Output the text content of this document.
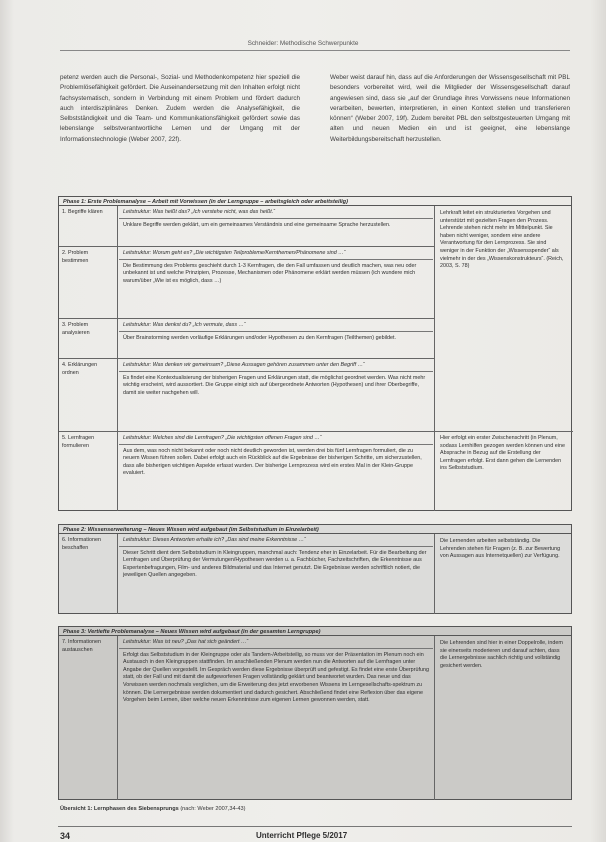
Schneider: Methodische Schwerpunkte

petenz werden auch die Personal-, Sozial- und Methodenkompetenz hier speziell die Problemlösefähigkeit gefördert. Die Auseinandersetzung mit den Inhalten erfolgt nicht fachsystematisch, sondern in Verbindung mit einem Problem und fördert dadurch auch interdisziplinäres Denken. Zudem werden die Analysefähigkeit, die Selbstständigkeit und die Team- und Kommunikationsfähigkeit gefördert sowie das lebenslange selbstverantwortliche Lernen und der Umgang mit der Informationstechnologie (Weber 2007, 22f).

Weber weist darauf hin, dass auf die Anforderungen der Wissensgesellschaft mit PBL besonders vorbereitet wird, weil die Mitglieder der Wissensgesellschaft darauf angewiesen sind, dass sie „auf der Grundlage ihres Vorwissens neue Informationen verarbeiten, bewerten, interpretieren, in einen Kontext stellen und transferieren können“ (Weber 2007, 19f). Zudem bereitet PBL den selbstgesteuerten Umgang mit alten und neuen Medien ein und ist geeignet, eine lebenslange Weiterbildungsbereitschaft herzustellen.

Phase 1: Erste Problemanalyse – Arbeit mit Vorwissen (in der Lerngruppe – arbeitsgleich oder arbeitsteilig)
1. Begriffe klären	Leitstruktur: Was heißt das? „Ich verstehe nicht, was das heißt.“
Unklare Begriffe werden geklärt, um ein gemeinsames Verständnis und eine gemeinsame Sprache herzustellen.
2. Problem bestimmen
Leitstruktur: Worum geht es? „Die wichtigsten Teilprobleme/Kernthemen/Phänomene sind …“
Die Bestimmung des Problems geschieht durch 1-3 Kernfragen, die den Fall umfassen und deutlich machen, was neu oder unbekannt ist und welche Prinzipien, Prozesse, Mechanismen oder Phänomene erklärt werden müssen (ich wundere mich warum/über „Wie ist es möglich, dass …)
3. Problem analysieren
Leitstruktur: Was denkst du? „Ich vermute, dass …“
Über Brainstorming werden vorläufige Erklärungen und/oder Hypothesen zu den Kernfragen (Teilthemen) gebildet.
4. Erklärungen ordnen
Leitstruktur: Was denken wir gemeinsam? „Diese Aussagen gehören zusammen unter den Begriff …“
Es findet eine Kontextualisierung der bisherigen Fragen und Erklärungen statt, die möglichst geordnet werden. Was nicht mehr wichtig erscheint, wird aussortiert. Die Gruppe einigt sich auf übergeordnete Antworten (Hypothesen) und ihrer Oberbegriffe, damit sie weiter nachgehen will.
5. Lernfragen formulieren
Leitstruktur: Welches sind die Lernfragen? „Die wichtigsten offenen Fragen sind …“
Aus dem, was noch nicht bekannt oder noch nicht deutlich geworden ist, werden drei bis fünf Lernfragen formuliert, die zu neuem Wissen führen sollen. Dabei erfolgt auch ein Rückblick auf die Ergebnisse der bisherigen Schritte, um sicherzustellen, dass alle bisherigen wichtigen Aspekte erfasst wurden. Der bisherige Lernprozess wird ein erstes Mal in der Klein-Gruppe evaluiert.
Lehrkraft leitet ein strukturiertes Vorgehen und unterstützt mit gezielten Fragen den Prozess. Lehrende stehen nicht mehr im Mittelpunkt. Sie haben nicht weniger, sondern eine andere Verantwortung für den Lernprozess. Sie sind weniger in der Funktion der „Wissensspender“ als vielmehr in der des „Wissenskonstrukteurs“. (Reich, 2003, S. 78)
Hier erfolgt ein erster Zwischenschritt (in Plenum, sodass Lernhilfen gezogen werden können und eine Absprache in Bezug auf die Erstellung der Lernfragen erfolgt. Erst dann gehen die Lernenden ins Selbststudium.
Phase 2: Wissenserweiterung – Neues Wissen wird aufgebaut (im Selbststudium in Einzelarbeit)
6. Informationen beschaffen
Leitstruktur: Dieses Antworten erhalte ich? „Das sind meine Erkenntnisse …“
Dieser Schritt dient dem Selbststudium in Kleingruppen, manchmal auch: Tendenz eher in Einzelarbeit. Für die Bearbeitung der Lernfragen und Überprüfung der Vermutungen/Hypothesen werden u. a. Fachbücher, Fachzeitschriften, die Erkenntnisse aus Expertenbefragungen, Film- und anderes Bildmaterial und das Internet genutzt. Die Ergebnisse werden schriftlich notiert, die jeweiligen Quellen angegeben.
Die Lernenden arbeiten selbstständig. Die Lehrenden stehen für Fragen (z. B. zur Bewertung von Aussagen aus Internetquellen) zur Verfügung.
Phase 3: Vertiefte Problemanalyse – Neues Wissen wird aufgebaut (in der gesamten Lerngruppe)
7. Informationen austauschen
Leitstruktur: Was ist neu? „Das hat sich geändert …“
Erfolgt das Selbststudium in der Kleingruppe oder als Tandem-/Arbeitsteilig, so muss vor der Präsentation im Plenum noch ein Austausch in den Kleingruppen stattfinden. Im anschließenden Plenum werden nun die Antworten auf die Lernfragen unter Angabe der Quellen vorgestellt. Im Gespräch werden diese Ergebnisse überprüft und gefestigt. Es findet eine erste Überprüfung statt, ob der Fall und mit damit die aufgeworfenen Fragen vollständig geklärt und beantwortet wurden. Das neue und das Vorwissen werden nochmals verglichen, um die Erweiterung des jetzt erworbenen Wissens im Lerngesellschafts-spektrum zu können. Die Lernergebnisse werden dokumentiert und dadurch gesichert. Abschließend findet eine Reflexion über das eigene Vorgehen beim Lernen, über welche neuen Erkenntnisse zum eigenen Lernen gewonnen werden, statt.
Die Lehrenden sind hier in einer Doppelrolle, indem sie einerseits moderieren und darauf achten, dass die Lernergebnisse sachlich richtig und vollständig gesichert werden.
Übersicht 1: Lernphasen des Siebensprungs (nach: Weber 2007,34-43)
34	Unterricht Pflege 5/2017
